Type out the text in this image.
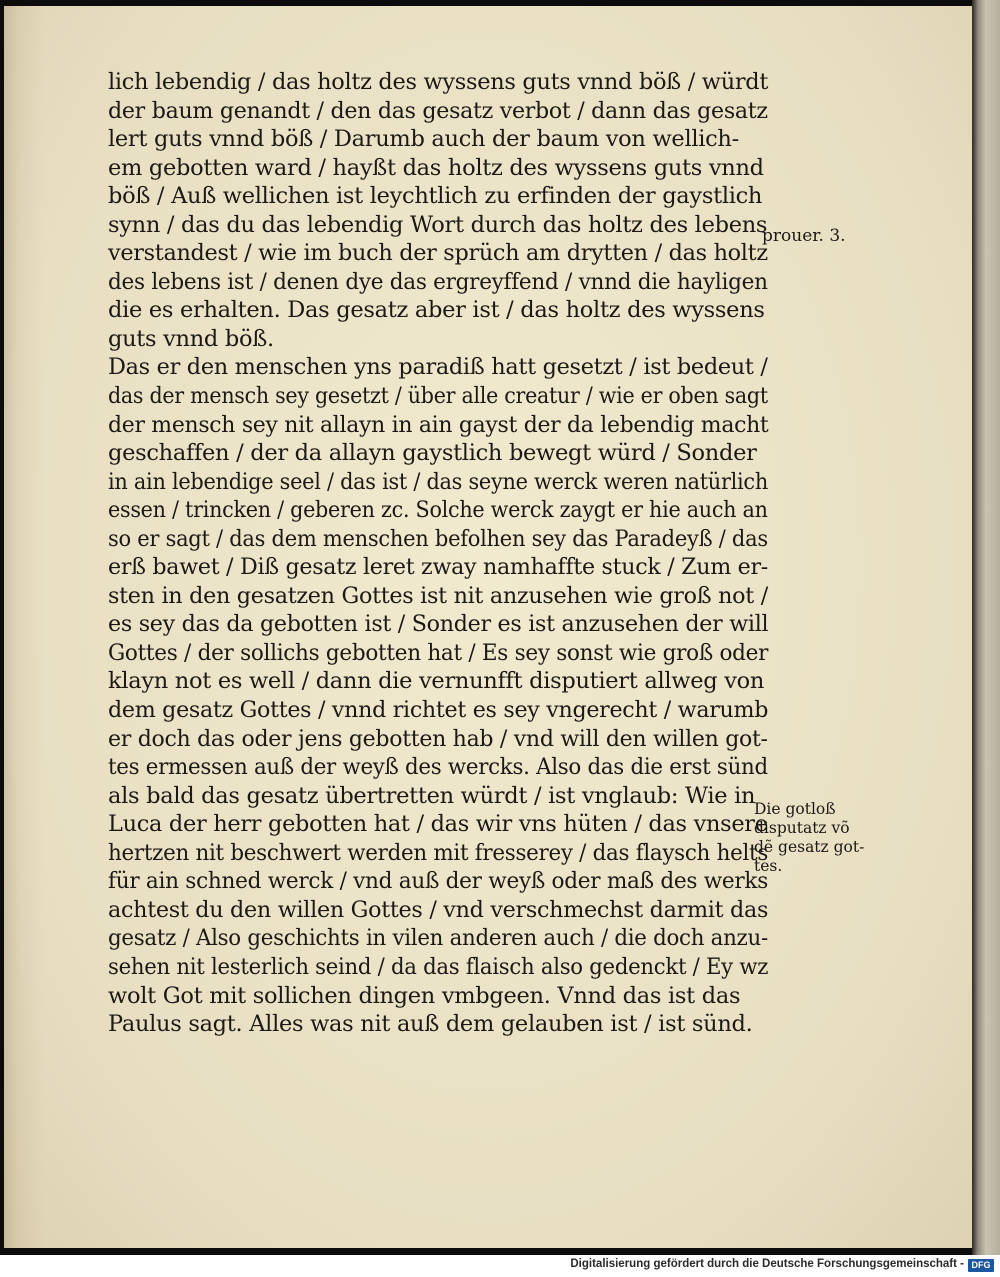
lich lebendig / das holtz des wyssens guts vnnd böß / würdt
der baum genandt / den das gesatz verbot / dann das gesatz
lert guts vnnd böß / Darumb auch der baum von wellich-
em gebotten ward / hayßt das holtz des wyssens guts vnnd
böß / Auß wellichen ist leychtlich zu erfinden der gaystlich
synn / das du das lebendig Wort durch das holtz des lebens
verstandest / wie im buch der sprüch am drytten / das holtz
des lebens ist / denen dye das ergreyffend / vnnd die hayligen
die es erhalten. Das gesatz aber ist / das holtz des wyssens
guts vnnd böß.
Das er den menschen yns paradiß hatt gesetzt / ist bedeut /
das der mensch sey gesetzt / über alle creatur / wie er oben sagt
der mensch sey nit allayn in ain gayst der da lebendig macht
geschaffen / der da allayn gaystlich bewegt würd / Sonder
in ain lebendige seel / das ist / das seyne werck weren natürlich
essen / trincken / geberen zc. Solche werck zaygt er hie auch an
so er sagt / das dem menschen befolhen sey das Paradeyß / das
erß bawet / Diß gesatz leret zway namhaffte stuck / Zum er-
sten in den gesatzen Gottes ist nit anzusehen wie groß not /
es sey das da gebotten ist / Sonder es ist anzusehen der will
Gottes / der sollichs gebotten hat / Es sey sonst wie groß oder
klayn not es well / dann die vernunfft disputiert allweg von
dem gesatz Gottes / vnnd richtet es sey vngerecht / warumb
er doch das oder jens gebotten hab / vnd will den willen got-
tes ermessen auß der weyß des wercks. Also das die erst sünd
als bald das gesatz übertretten würdt / ist vnglaub: Wie in
Luca der herr gebotten hat / das wir vns hüten / das vnsere
hertzen nit beschwert werden mit fresserey / das flaysch helts
für ain schned werck / vnd auß der weyß oder maß des werks
achtest du den willen Gottes / vnd verschmechst darmit das
gesatz / Also geschichts in vilen anderen auch / die doch anzu-
sehen nit lesterlich seind / da das flaisch also gedenckt / Ey wz
wolt Got mit sollichen dingen vmbgeen. Vnnd das ist das
Paulus sagt. Alles was nit auß dem gelauben ist / ist sünd.
prouer. 3.
Die gotloß
disputatz võ
dẽ gesatz got-
tes.
Digitalisierung gefördert durch die Deutsche Forschungsgemeinschaft - DFG
